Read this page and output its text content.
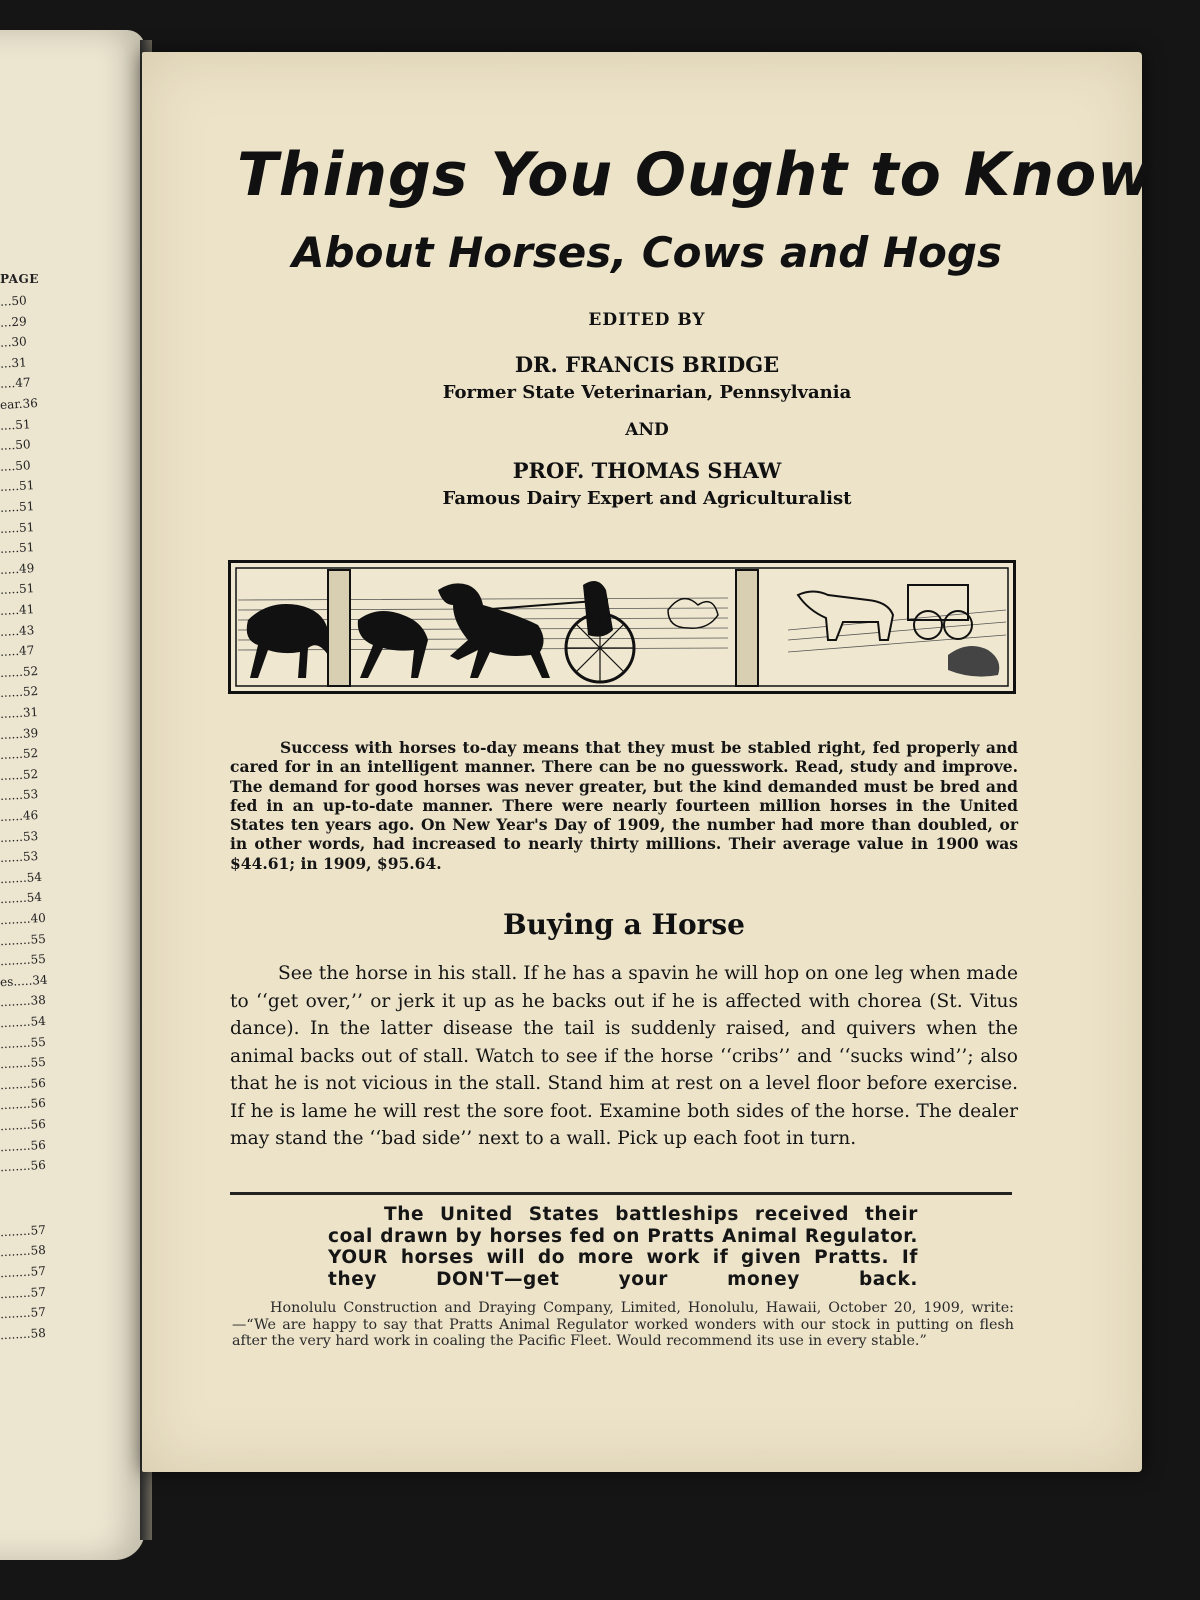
PAGE
...50
...29
...30
...31
....47
ear.36
....51
....50
....50
.....51
.....51
.....51
.....51
.....49
.....51
.....41
.....43
.....47
......52
......52
......31
......39
......52
......52
......53
......46
......53
......53
.......54
.......54
........40
........55
........55
es.....34
........38
........54
........55
........55
........56
........56
........56
........56
........56
........57
........58
........57
........57
........57
........58
Things You Ought to Know
About Horses, Cows and Hogs
EDITED BY
DR. FRANCIS BRIDGE
Former State Veterinarian, Pennsylvania
AND
PROF. THOMAS SHAW
Famous Dairy Expert and Agriculturalist

Success with horses to-day means that they must be stabled right, fed properly and cared for in an intelligent manner. There can be no guesswork. Read, study and improve. The demand for good horses was never greater, but the kind demanded must be bred and fed in an up-to-date manner. There were nearly fourteen million horses in the United States ten years ago. On New Year's Day of 1909, the number had more than doubled, or in other words, had increased to nearly thirty millions. Their average value in 1900 was $44.61; in 1909, $95.64.

Buying a Horse

See the horse in his stall. If he has a spavin he will hop on one leg when made to ‘‘get over,’’ or jerk it up as he backs out if he is affected with chorea (St. Vitus dance). In the latter disease the tail is suddenly raised, and quivers when the animal backs out of stall. Watch to see if the horse ‘‘cribs’’ and ‘‘sucks wind’’; also that he is not vicious in the stall. Stand him at rest on a level floor before exercise. If he is lame he will rest the sore foot. Examine both sides of the horse. The dealer may stand the ‘‘bad side’’ next to a wall. Pick up each foot in turn.

The United States battleships received their coal drawn by horses fed on Pratts Animal Regulator. YOUR horses will do more work if given Pratts. If they DON'T—get your money back.

Honolulu Construction and Draying Company, Limited, Honolulu, Hawaii, October 20, 1909, write:—“We are happy to say that Pratts Animal Regulator worked wonders with our stock in putting on flesh after the very hard work in coaling the Pacific Fleet. Would recommend its use in every stable.”
